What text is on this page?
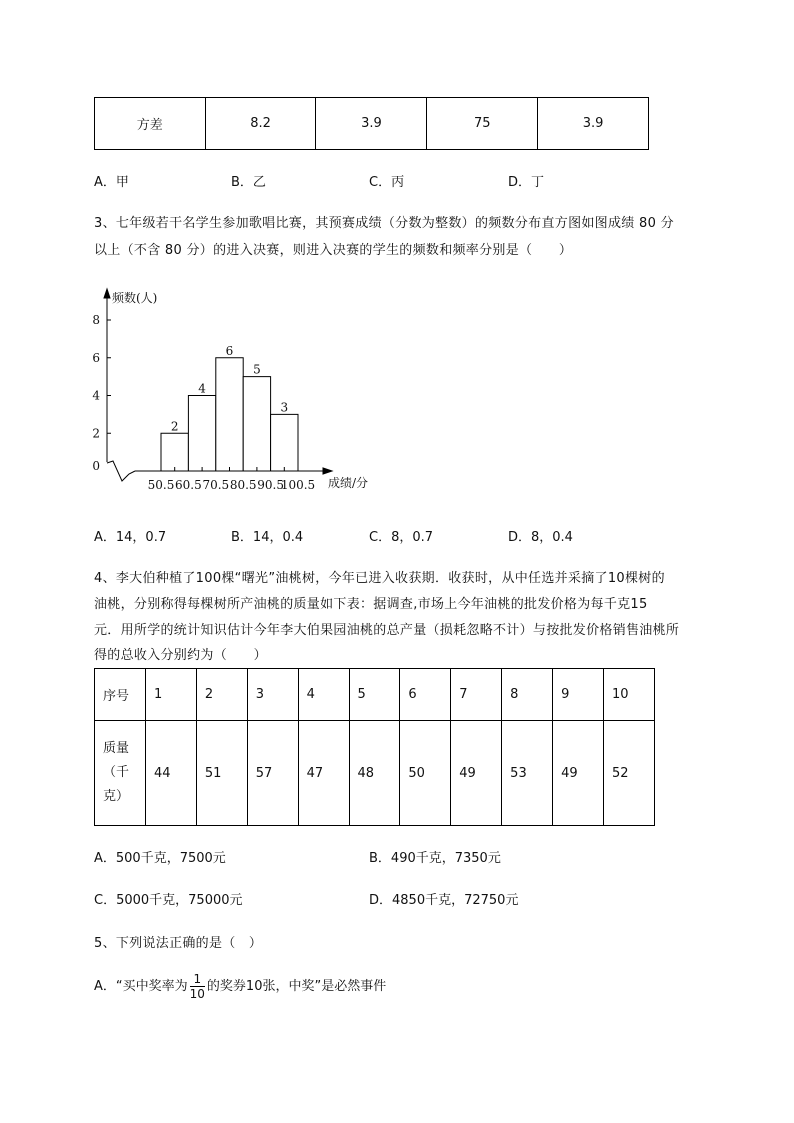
方差	8.2	3.9	75	3.9
A．甲	B．乙	C．丙	D．丁
3、七年级若干名学生参加歌唱比赛，其预赛成绩（分数为整数）的频数分布直方图如图成绩 80 分
以上（不含 80 分）的进入决赛，则进入决赛的学生的频数和频率分别是（　　）
2
4
6
5
3
50.5 60.5 70.5 80.5 90.5
100.5
0
2
4
6
8
频数(人)
成绩/分
A．14，0.7	B．14，0.4	C．8，0.7	D．8，0.4
4、李大伯种植了100棵“曙光”油桃树，今年已进入收获期．收获时，从中任选并采摘了10棵树的
油桃，分别称得每棵树所产油桃的质量如下表：据调查,市场上今年油桃的批发价格为每千克15
元．用所学的统计知识估计今年李大伯果园油桃的总产量（损耗忽略不计）与按批发价格销售油桃所
得的总收入分别约为（　　）
序号	1	2	3	4	5	6	7	8	9	10

质量
（千
克）	44	51	57	47	48	50	49	53	49	52
A．500千克，7500元	B．490千克，7350元
C．5000千克，75000元	D．4850千克，72750元
5、下列说法正确的是（　）
A．“买中奖率为 $\frac{1}{10}$ 的奖券10张，中奖”是必然事件
